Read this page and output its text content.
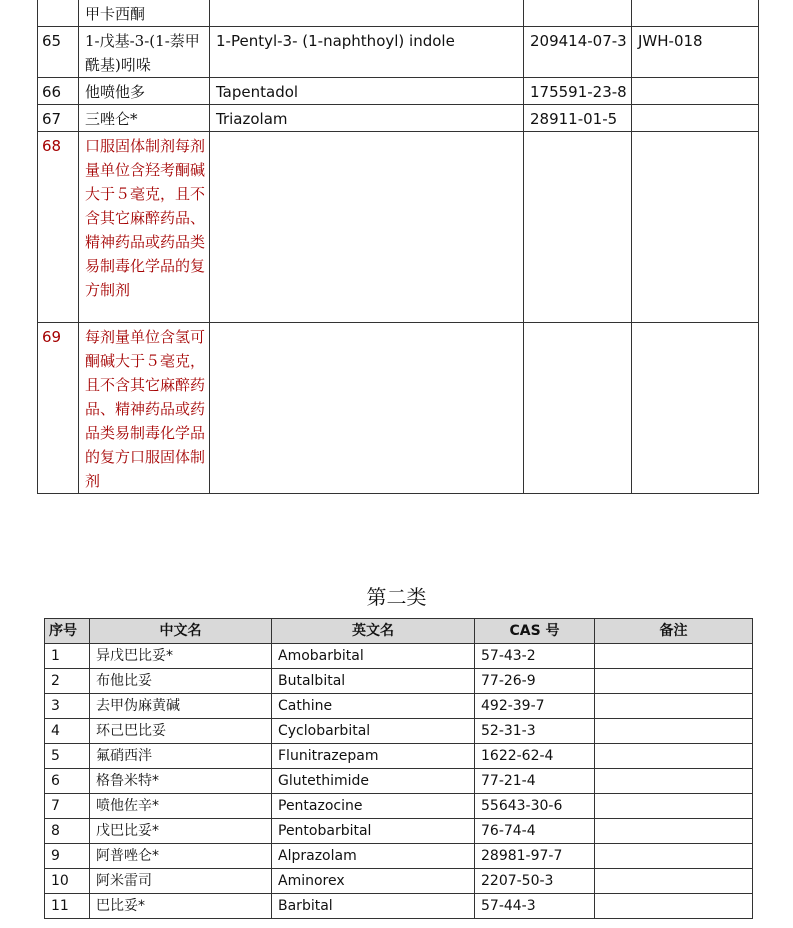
	甲卡西酮			
65	1-戊基-3-(1-萘甲酰基)吲哚	1-Pentyl-3- (1-naphthoyl) indole	209414-07-3	JWH-018
66	他喷他多	Tapentadol	175591-23-8	
67	三唑仑*	Triazolam	28911-01-5	
68	口服固体制剂每剂量单位含羟考酮碱大于５毫克，且不含其它麻醉药品、精神药品或药品类易制毒化学品的复方制剂			
69	每剂量单位含氢可酮碱大于５毫克，且不含其它麻醉药品、精神药品或药品类易制毒化学品的复方口服固体制剂			
第二类
序号	中文名	英文名	CAS 号	备注
1	异戊巴比妥*	Amobarbital	57-43-2	
2	布他比妥	Butalbital	77-26-9	
3	去甲伪麻黄碱	Cathine	492-39-7	
4	环己巴比妥	Cyclobarbital	52-31-3	
5	氟硝西泮	Flunitrazepam	1622-62-4	
6	格鲁米特*	Glutethimide	77-21-4	
7	喷他佐辛*	Pentazocine	55643-30-6	
8	戊巴比妥*	Pentobarbital	76-74-4	
9	阿普唑仑*	Alprazolam	28981-97-7	
10	阿米雷司	Aminorex	2207-50-3	
11	巴比妥*	Barbital	57-44-3	
